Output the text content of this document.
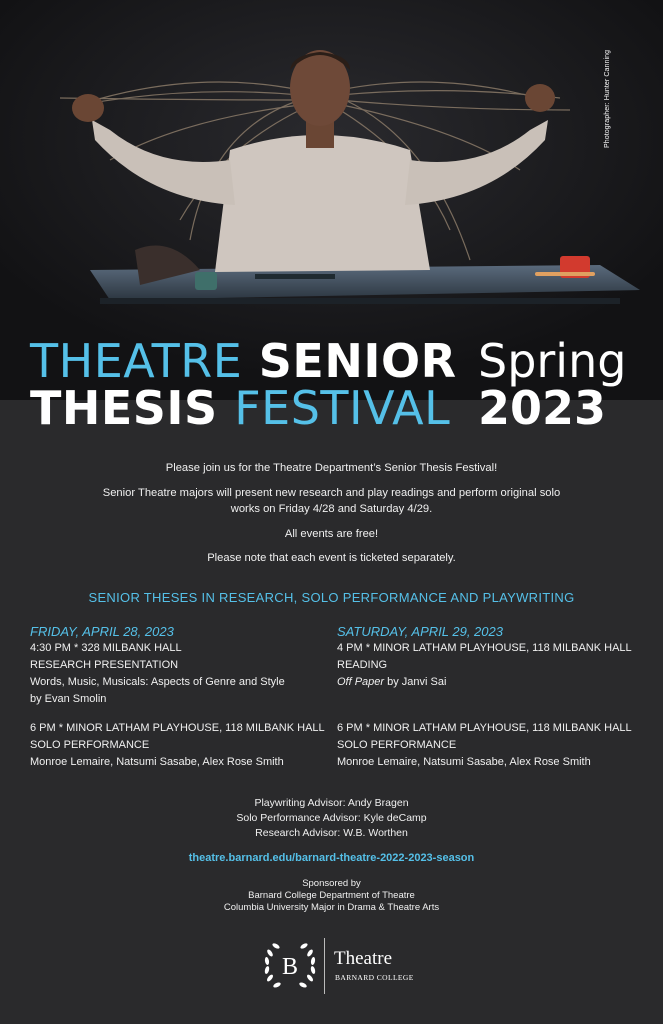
Photographer: Hunter Canning
THEATRE SENIOR
THESIS FESTIVAL
Spring
2023
Please join us for the Theatre Department’s Senior Thesis Festival!
Senior Theatre majors will present new research and play readings and perform original solo
works on Friday 4/28 and Saturday 4/29.
All events are free!
Please note that each event is ticketed separately.
SENIOR THESES IN RESEARCH, SOLO PERFORMANCE AND PLAYWRITING
FRIDAY, APRIL 28, 2023
4:30 PM * 328 MILBANK HALL
RESEARCH PRESENTATION
Words, Music, Musicals: Aspects of Genre and Style
by Evan Smolin
6 PM * MINOR LATHAM PLAYHOUSE, 118 MILBANK HALL
SOLO PERFORMANCE
Monroe Lemaire, Natsumi Sasabe, Alex Rose Smith
SATURDAY, APRIL 29, 2023
4 PM * MINOR LATHAM PLAYHOUSE, 118 MILBANK HALL
READING
Off Paper by Janvi Sai
6 PM * MINOR LATHAM PLAYHOUSE, 118 MILBANK HALL
SOLO PERFORMANCE
Monroe Lemaire, Natsumi Sasabe, Alex Rose Smith
Playwriting Advisor: Andy Bragen
Solo Performance Advisor: Kyle deCamp
Research Advisor: W.B. Worthen
theatre.barnard.edu/barnard-theatre-2022-2023-season
Sponsored by
Barnard College Department of Theatre
Columbia University Major in Drama & Theatre Arts
B Theatre
BARNARD COLLEGE
